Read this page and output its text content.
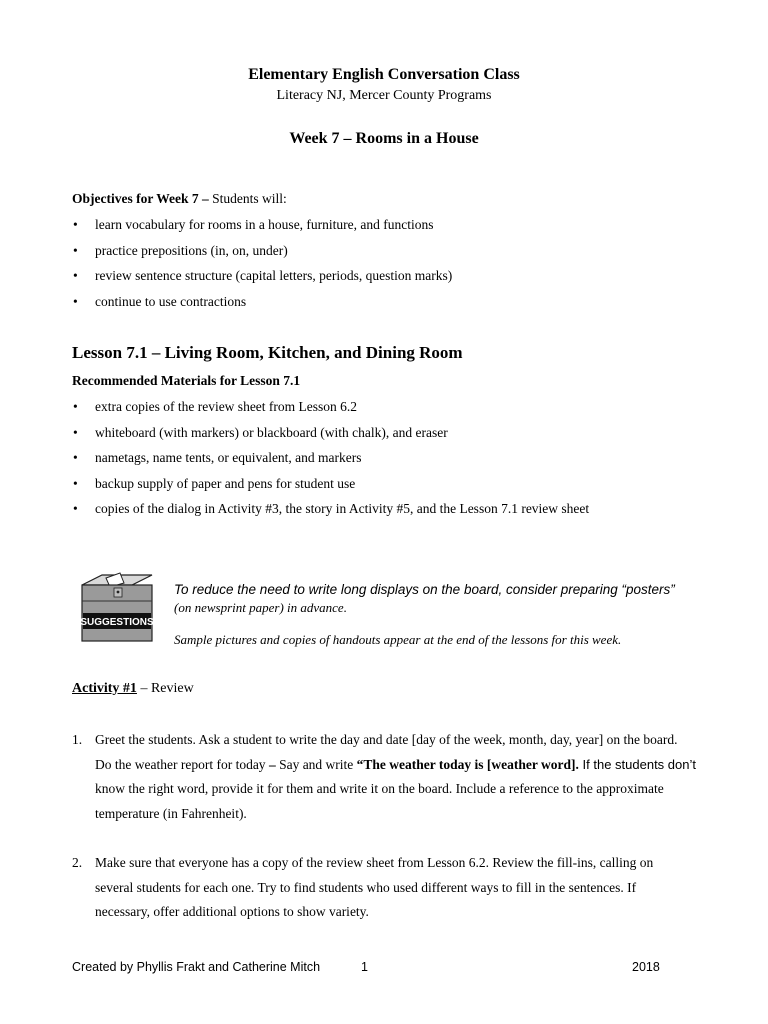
Elementary English Conversation Class
Literacy NJ, Mercer County Programs
Week 7 – Rooms in a House
Objectives for Week 7 – Students will:
• learn vocabulary for rooms in a house, furniture, and functions
• practice prepositions (in, on, under)
• review sentence structure (capital letters, periods, question marks)
• continue to use contractions
Lesson 7.1 – Living Room, Kitchen, and Dining Room
Recommended Materials for Lesson 7.1
• extra copies of the review sheet from Lesson 6.2
• whiteboard (with markers) or blackboard (with chalk), and eraser
• nametags, name tents, or equivalent, and markers
• backup supply of paper and pens for student use
• copies of the dialog in Activity #3, the story in Activity #5, and the Lesson 7.1 review sheet
SUGGESTIONS
To reduce the need to write long displays on the board, consider preparing “posters”
(on newsprint paper) in advance.
Sample pictures and copies of handouts appear at the end of the lessons for this week.
Activity #1 – Review
1. Greet the students. Ask a student to write the day and date [day of the week, month, day, year] on the board.
Do the weather report for today – Say and write “The weather today is [weather word]. If the students don’t
know the right word, provide it for them and write it on the board. Include a reference to the approximate
temperature (in Fahrenheit).
2. Make sure that everyone has a copy of the review sheet from Lesson 6.2. Review the fill-ins, calling on
several students for each one. Try to find students who used different ways to fill in the sentences. If
necessary, offer additional options to show variety.
Created by Phyllis Frakt and Catherine Mitch	1	2018
